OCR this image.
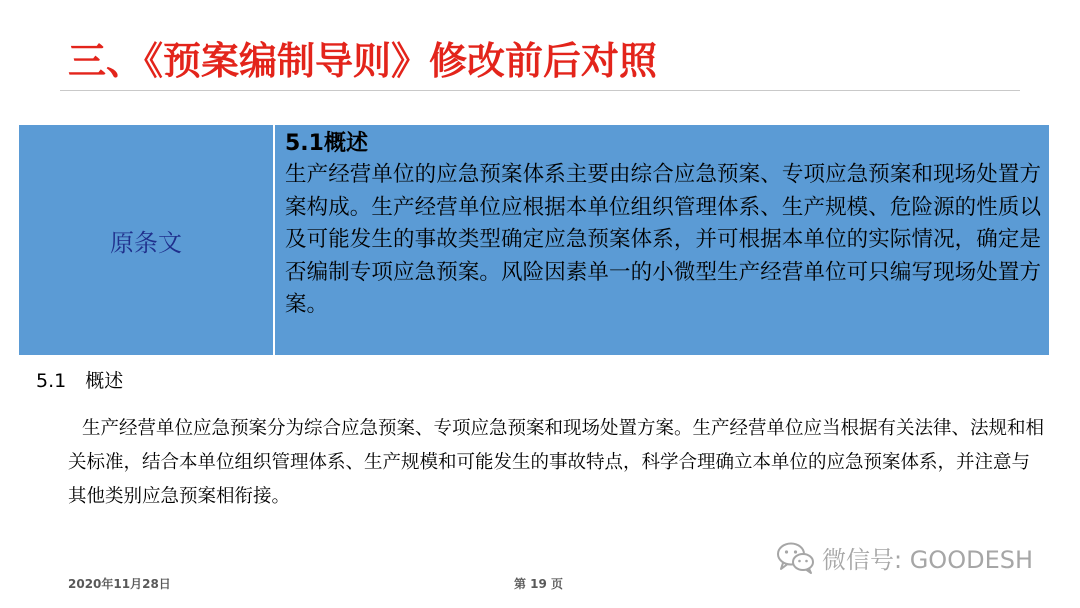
三、《预案编制导则》修改前后对照
原条文
5.1概述

生产经营单位的应急预案体系主要由综合应急预案、专项应急预案和现场处置方案构成。生产经营单位应根据本单位组织管理体系、生产规模、危险源的性质以及可能发生的事故类型确定应急预案体系，并可根据本单位的实际情况，确定是否编制专项应急预案。风险因素单一的小微型生产经营单位可只编写现场处置方案。

5.1　概述

生产经营单位应急预案分为综合应急预案、专项应急预案和现场处置方案。生产经营单位应当根据有关法律、法规和相关标准，结合本单位组织管理体系、生产规模和可能发生的事故特点，科学合理确立本单位的应急预案体系，并注意与其他类别应急预案相衔接。

2020年11月28日	第 19 页
微信号: GOODESH
